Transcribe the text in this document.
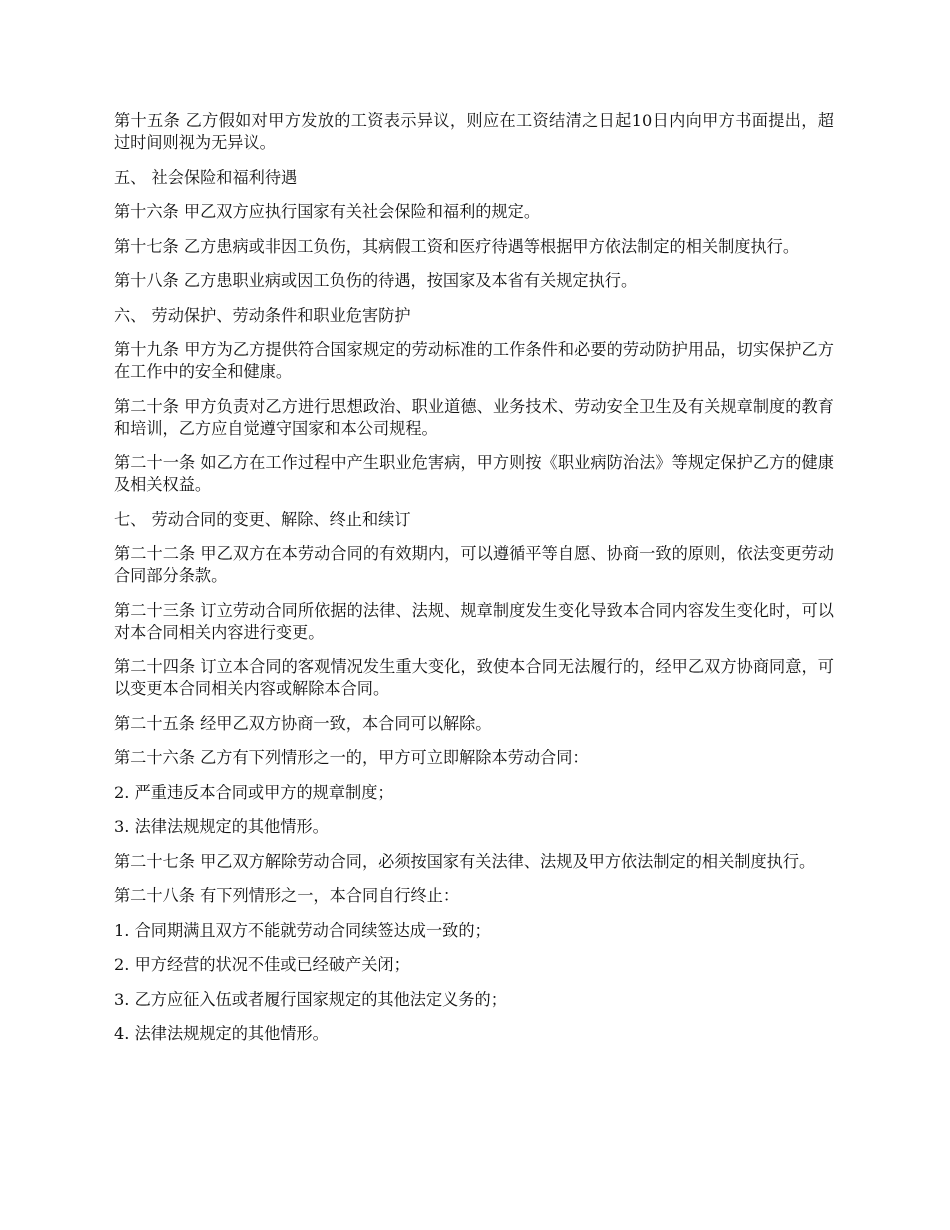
第十五条 乙方假如对甲方发放的工资表示异议，则应在工资结清之日起10日内向甲方书面提出，超过时间则视为无异议。

五、 社会保险和福利待遇

第十六条 甲乙双方应执行国家有关社会保险和福利的规定。

第十七条 乙方患病或非因工负伤，其病假工资和医疗待遇等根据甲方依法制定的相关制度执行。

第十八条 乙方患职业病或因工负伤的待遇，按国家及本省有关规定执行。

六、 劳动保护、劳动条件和职业危害防护

第十九条 甲方为乙方提供符合国家规定的劳动标准的工作条件和必要的劳动防护用品，切实保护乙方在工作中的安全和健康。

第二十条 甲方负责对乙方进行思想政治、职业道德、业务技术、劳动安全卫生及有关规章制度的教育和培训，乙方应自觉遵守国家和本公司规程。

第二十一条 如乙方在工作过程中产生职业危害病，甲方则按《职业病防治法》等规定保护乙方的健康及相关权益。

七、 劳动合同的变更、解除、终止和续订

第二十二条 甲乙双方在本劳动合同的有效期内，可以遵循平等自愿、协商一致的原则，依法变更劳动合同部分条款。

第二十三条 订立劳动合同所依据的法律、法规、规章制度发生变化导致本合同内容发生变化时，可以对本合同相关内容进行变更。

第二十四条 订立本合同的客观情况发生重大变化，致使本合同无法履行的，经甲乙双方协商同意，可以变更本合同相关内容或解除本合同。

第二十五条 经甲乙双方协商一致，本合同可以解除。

第二十六条 乙方有下列情形之一的，甲方可立即解除本劳动合同：

2. 严重违反本合同或甲方的规章制度；

3. 法律法规规定的其他情形。

第二十七条 甲乙双方解除劳动合同，必须按国家有关法律、法规及甲方依法制定的相关制度执行。

第二十八条 有下列情形之一，本合同自行终止：

1. 合同期满且双方不能就劳动合同续签达成一致的；

2. 甲方经营的状况不佳或已经破产关闭；

3. 乙方应征入伍或者履行国家规定的其他法定义务的；

4. 法律法规规定的其他情形。
